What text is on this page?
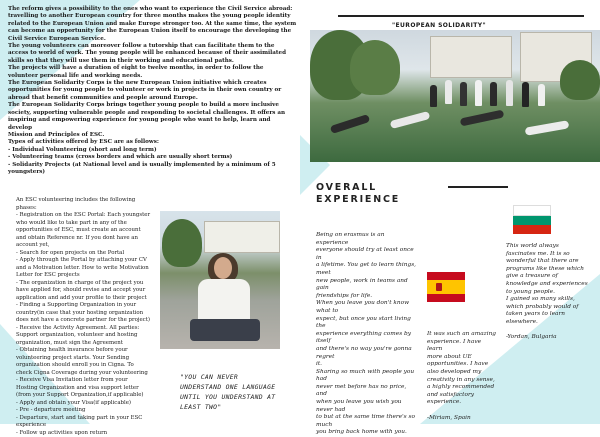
The reform gives a possibility to the ones who want to experience the Civil Service abroad:
travelling to another European country for three months makes the young people identity
related to the European Union and make Europe stronger too. At the same time, the system
can become an opportunity for the European Union itself to encourage the developing the
Civil Service European Service.
The young volunteers can moreover follow a tutorship that can facilitate them to the
access to world of work. The young people will be enhanced because of their assimilated
skills so that they will use them in their working and educational paths.
The projects will have a duration of eight to twelve months, in order to follow the
volunteer personal life and working needs.
The European Solidarity Corps is the new European Union initiative which creates
opportunities for young people to volunteer or work in projects in their own country or
abroad that benefit communities and people around Europe.
The European Solidarity Corps brings together young people to build a more inclusive
society, supporting vulnerable people and responding to societal challenges. It offers an
inspiring and empowering experience for young people who want to help, learn and
develop
Mission and Principles of ESC.
Types of activities offered by ESC are as follows:
- Individual Volunteering (short and long term)
- Volunteering teams (cross borders and which are usually short terms)
- Solidarity Projects (at National level and is usually implemented by a minimum of 5
youngsters)
An ESC volunteering includes the following
phases:
- Registration on the ESC Portal: Each youngster
who would like to take part in any of the
opportunities of ESC, must create an account
and obtain Reference nr. If you dont have an
account yet,
- Search for open projects on the Portal
- Apply through the Portal by attaching your CV
and a Motivation letter. How to write Motivation
Letter for ESC projects
- The organization in charge of the project you
have applied for, should revise and accept your
application and add your profile to their project
- Finding a Supporting Organization in your
country(in case that your hosting organization
does not have a concrete partner for the project)
- Receive the Activity Agreement. All parties:
Support organization, volunteer and hosting
organization, must sign the Agreement
- Obtaining health insurance before your
volunteering project starts. Your Sending
organization should enroll you in Cigna. To
check Cigna Coverage during your volunteering
- Receive Visa Invitation letter from your
Hosting Organization and visa support letter
(from your Support Organization,if applicable)
- Apply and obtain your Visa(if applicable)
- Pre - departure meeting
- Departure, start and taking part in your ESC
experience
- Follow up activities upon return
"EUROPEAN SOLIDARITY"
OVERALL
EXPERIENCE
Being on erasmus is an experience
everyone should try at least once in
a lifetime. You get to learn things, meet
new people, work in teams and gain
friendships for life.
When you leave you don't know what to
expect, but once you start living the
experience everything comes by itself
and there's no way you're gonna regret
it.
Sharing so much with people you had
never met before has no price, and
when you leave you wish you never had
to but at the same time there's so much
you bring back home with you.
It was such an amazing
experience. I have learn
more about UE
opportunities. I have
also developed my
creativity in any sense,
a highly recommended
and satisfactory
experience.

-Miriam, Spain
This world always
fascinates me. It is so
wonderful that there are
programs like these which
give a treasure of
knowledge and experiences
to young people.
I gained so many skills,
which probably would of
taken years to learn
elsewhere.

-Yordan, Bulgaria
"YOU CAN NEVER
UNDERSTAND ONE LANGUAGE
UNTIL YOU UNDERSTAND AT
LEAST TWO"
